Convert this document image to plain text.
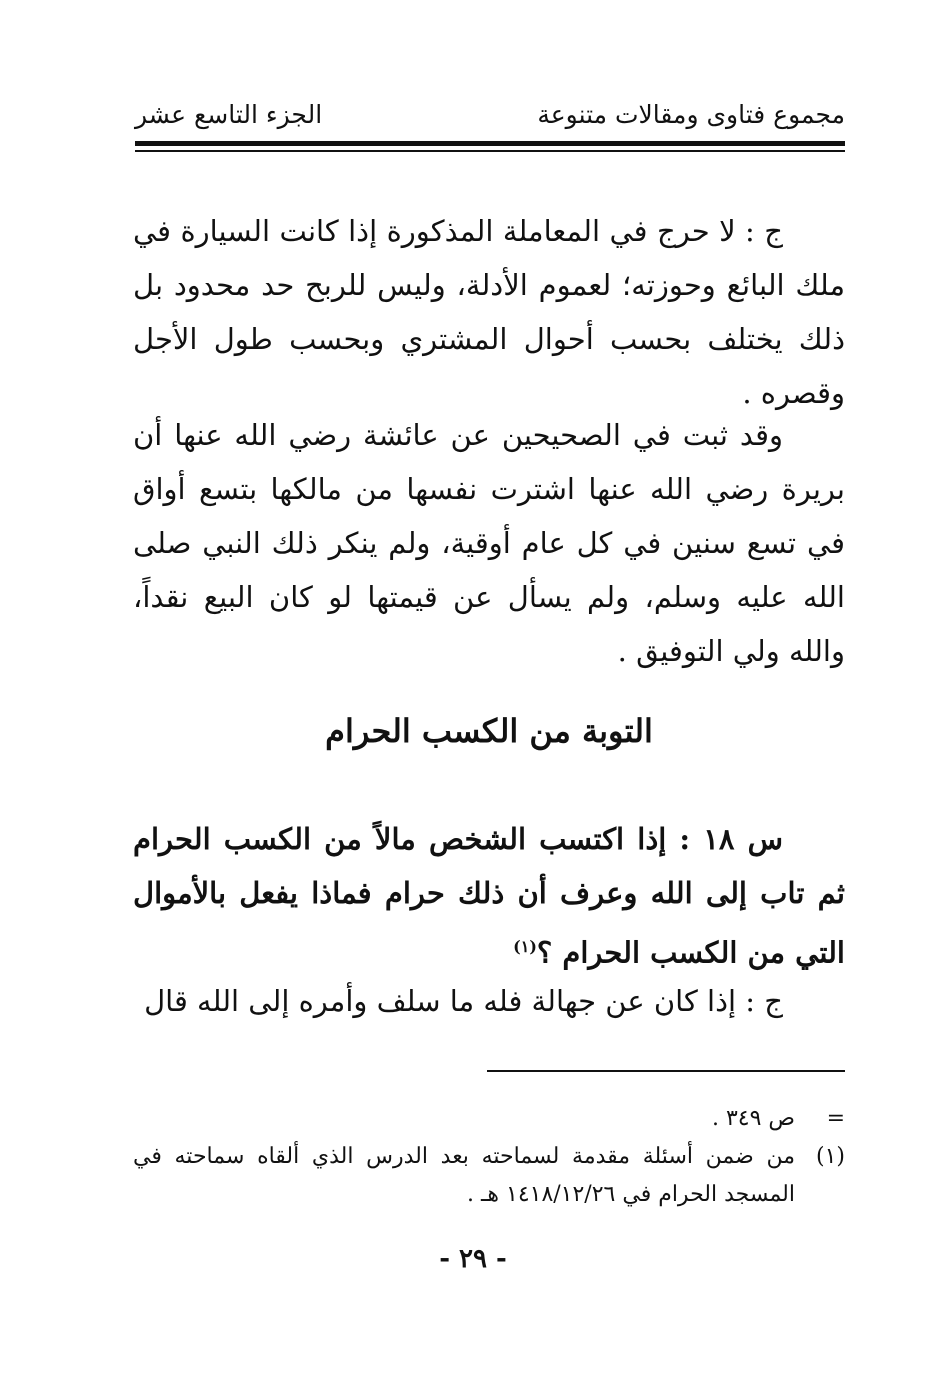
مجموع فتاوى ومقالات متنوعة
الجزء التاسع عشر

ج : لا حرج في المعاملة المذكورة إذا كانت السيارة في ملك البائع وحوزته؛ لعموم الأدلة، وليس للربح حد محدود بل ذلك يختلف بحسب أحوال المشتري وبحسب طول الأجل وقصره .

وقد ثبت في الصحيحين عن عائشة رضي الله عنها أن بريرة رضي الله عنها اشترت نفسها من مالكها بتسع أواق في تسع سنين في كل عام أوقية، ولم ينكر ذلك النبي صلى الله عليه وسلم، ولم يسأل عن قيمتها لو كان البيع نقداً، والله ولي التوفيق .

التوبة من الكسب الحرام

س ١٨ : إذا اكتسب الشخص مالاً من الكسب الحرام ثم تاب إلى الله وعرف أن ذلك حرام فماذا يفعل بالأموال التي من الكسب الحرام ؟$^{(١)}$

ج : إذا كان عن جهالة فله ما سلف وأمره إلى الله قال

=
ص ٣٤٩ .
(١)
من ضمن أسئلة مقدمة لسماحته بعد الدرس الذي ألقاه سماحته في المسجد الحرام في ١٤١٨/١٢/٢٦ هـ .
- ٢٩ -
